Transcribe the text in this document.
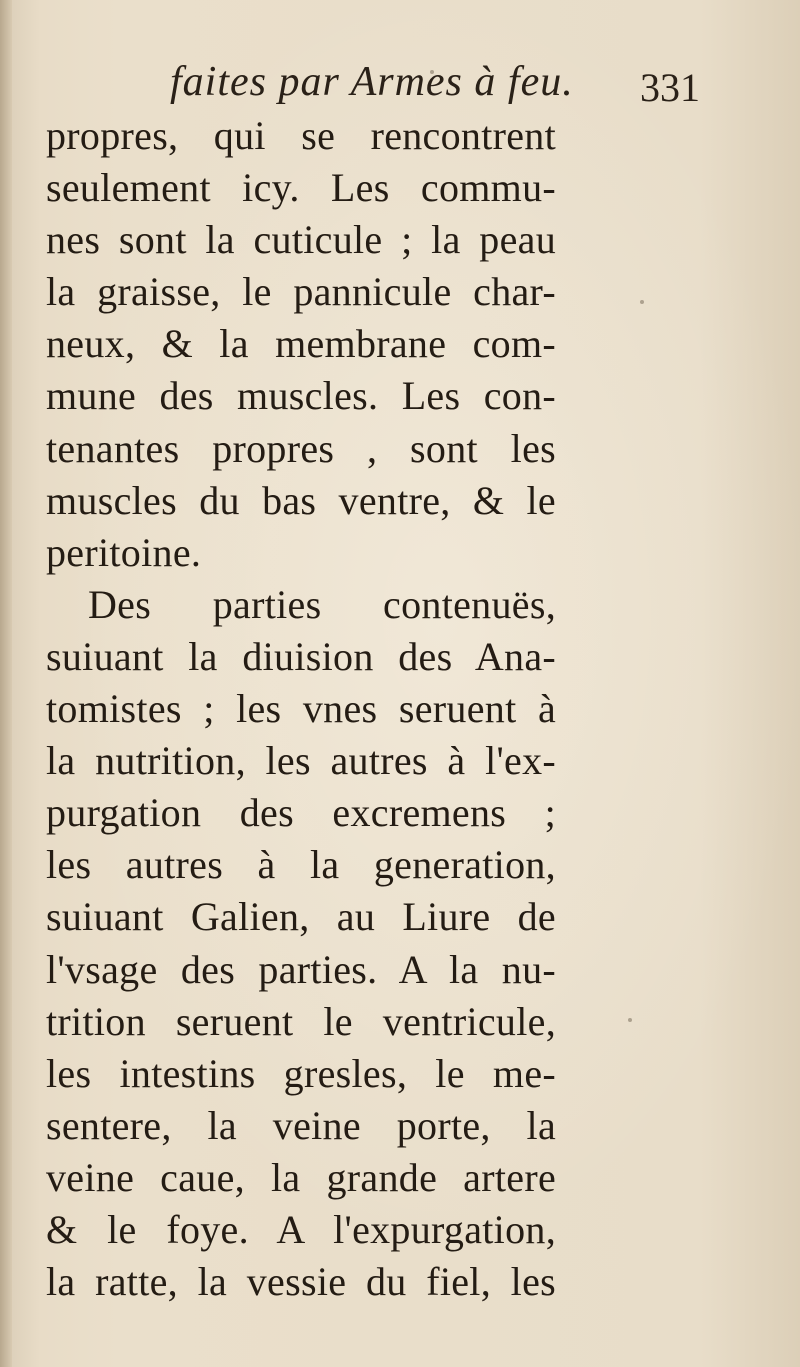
faites par Armes à feu. 331
propres, qui se rencontrent
seulement icy. Les commu-
nes sont la cuticule ; la peau
la graisse, le pannicule char-
neux, & la membrane com-
mune des muscles. Les con-
tenantes propres , sont les
muscles du bas ventre, & le
peritoine.
Des parties contenuës,
suiuant la diuision des Ana-
tomistes ; les vnes seruent à
la nutrition, les autres à l'ex-
purgation des excremens ;
les autres à la generation,
suiuant Galien, au Liure de
l'vsage des parties. A la nu-
trition seruent le ventricule,
les intestins gresles, le me-
sentere, la veine porte, la
veine caue, la grande artere
& le foye. A l'expurgation,
la ratte, la vessie du fiel, les
